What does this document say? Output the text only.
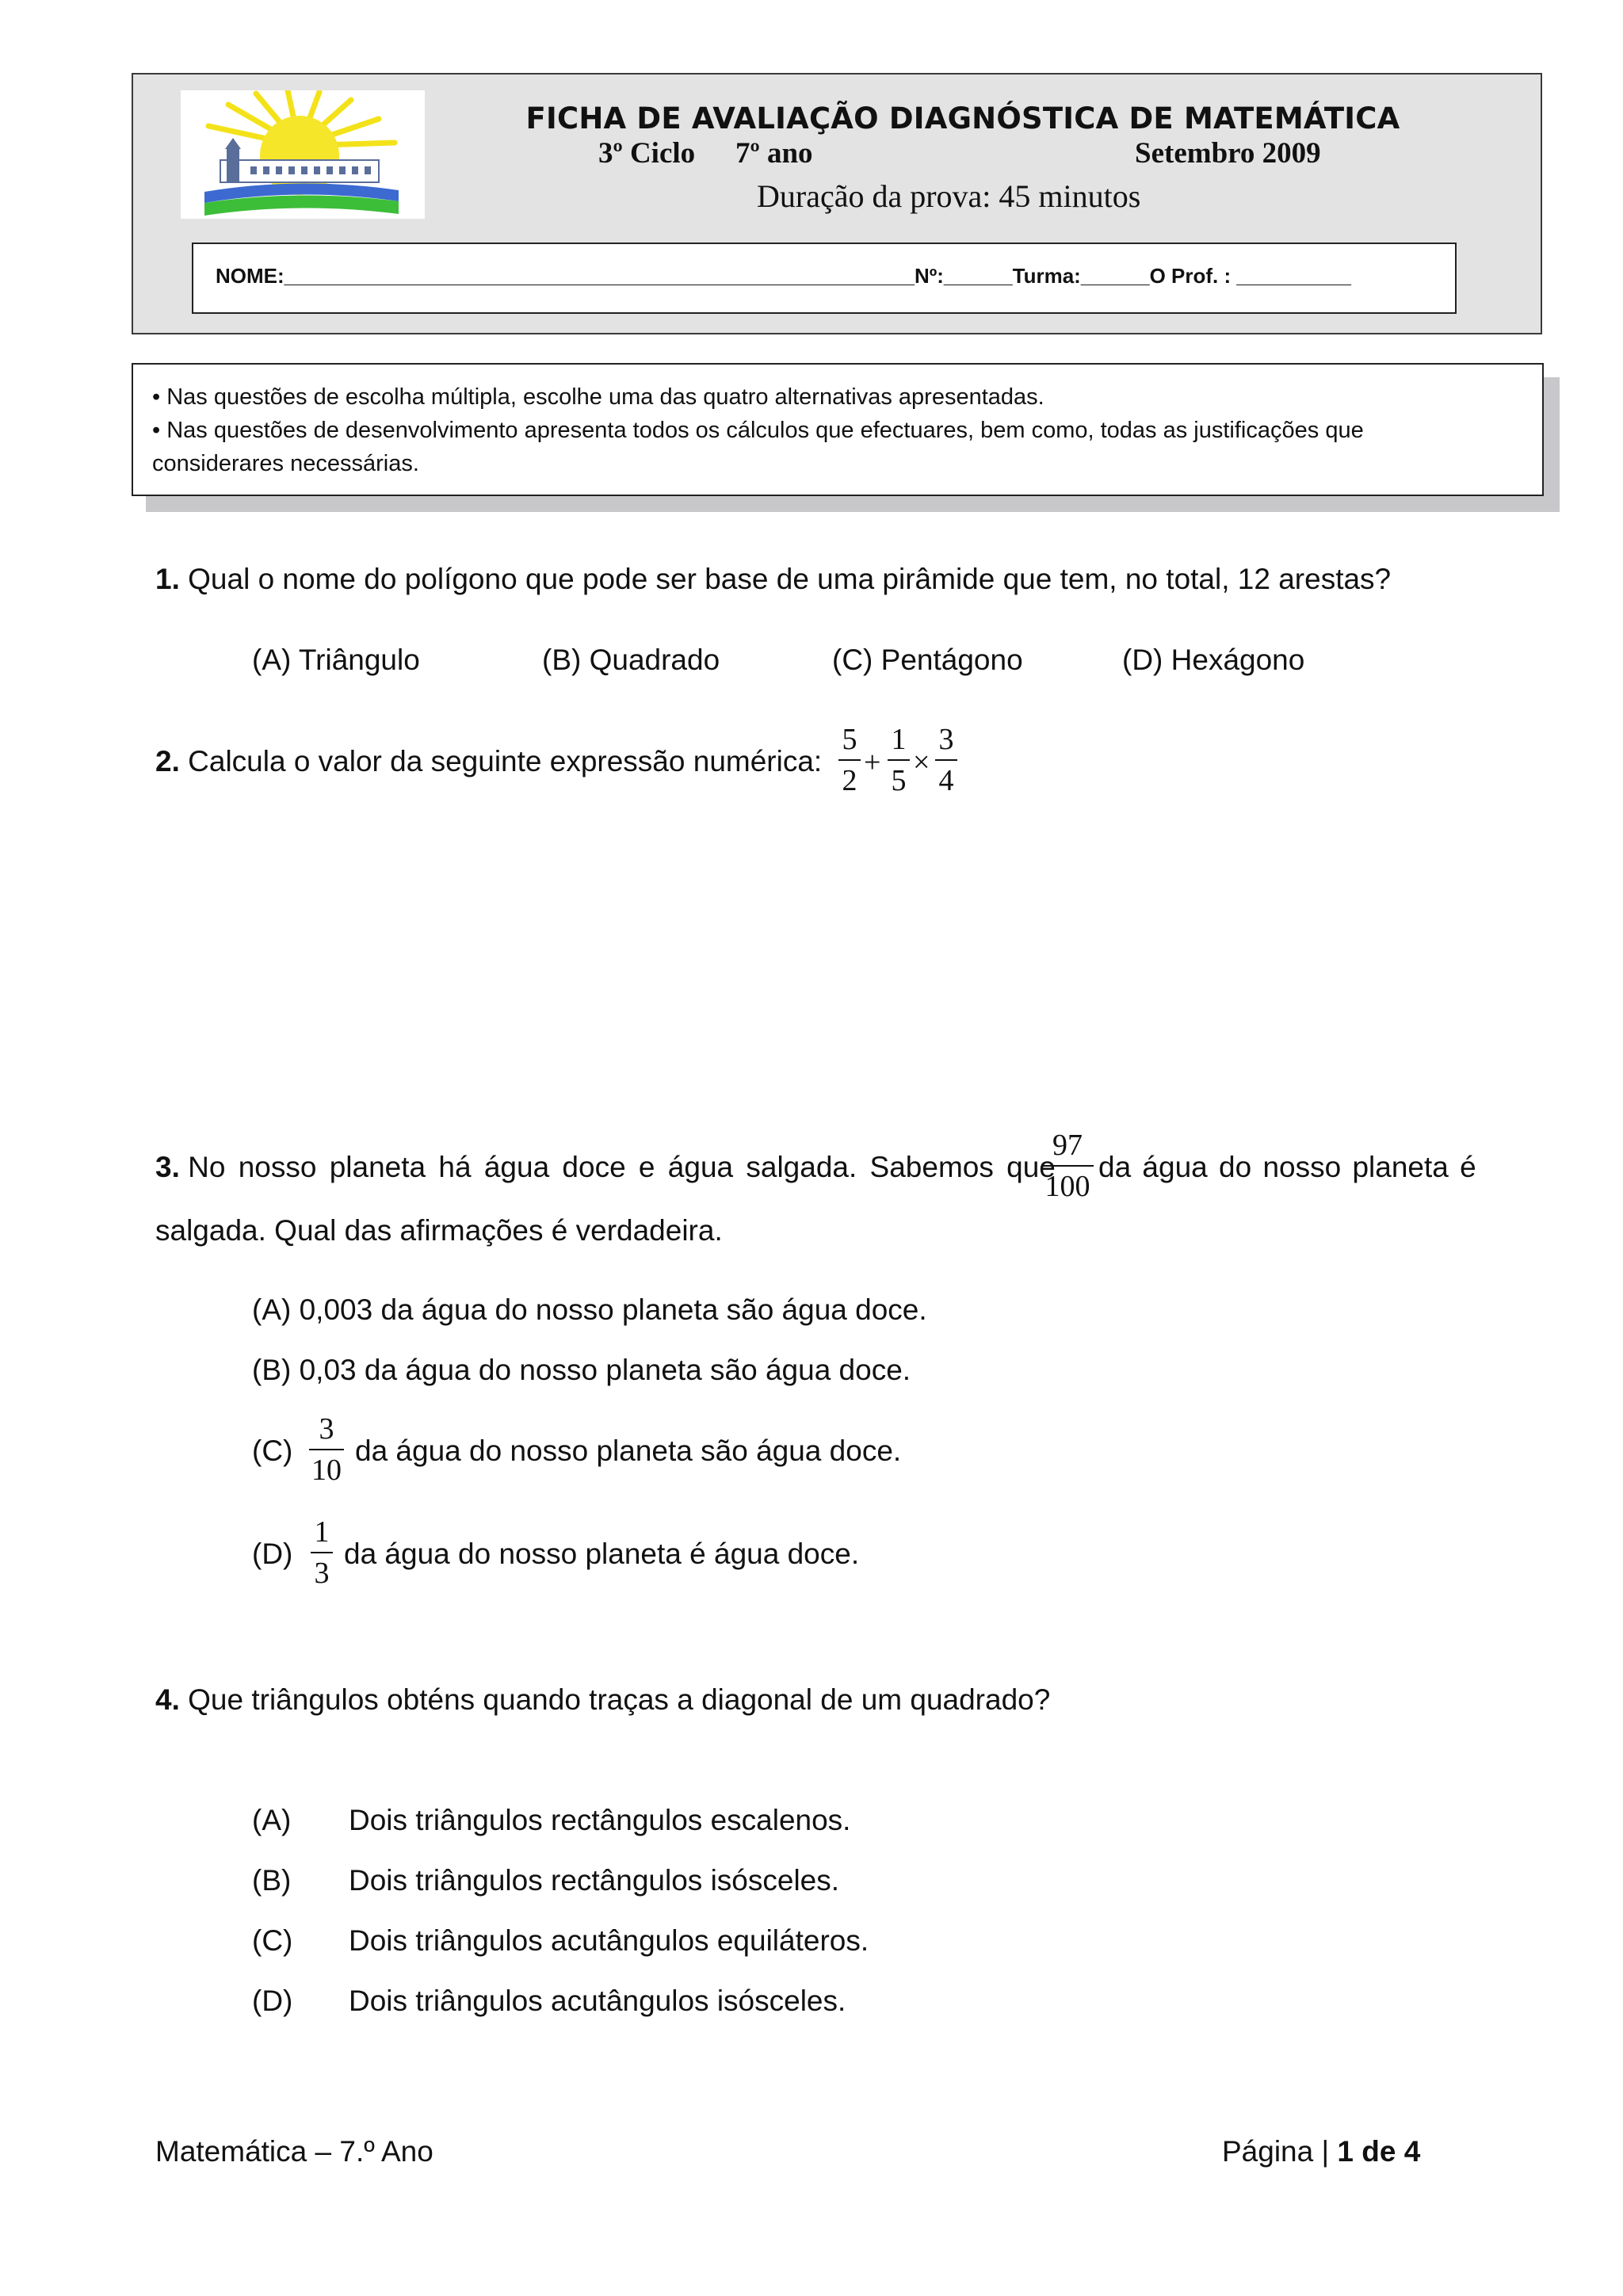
FICHA DE AVALIAÇÃO DIAGNÓSTICA DE MATEMÁTICA
3º Ciclo 7º ano	Setembro 2009
Duração da prova: 45 minutos
NOME:_______________________________________________________Nº:______Turma:______O Prof. : __________
• Nas questões de escolha múltipla, escolhe uma das quatro alternativas apresentadas.
• Nas questões de desenvolvimento apresenta todos os cálculos que efectuares, bem como, todas as justificações que
considerares necessárias.
1. Qual o nome do polígono que pode ser base de uma pirâmide que tem, no total, 12 arestas?
(A) Triângulo	(B) Quadrado	(C) Pentágono	(D) Hexágono
2. Calcula o valor da seguinte expressão numérica: $\frac{5}{2} + \frac{1}{5} \times \frac{3}{4}$
3. No nosso planeta há água doce e água salgada. Sabemos que
$\frac{97}{100}$ da água do nosso planeta é
salgada. Qual das afirmações é verdadeira.
(A) 0,003 da água do nosso planeta são água doce.
(B) 0,03 da água do nosso planeta são água doce.
$(C) \frac{3}{10}$ da água do nosso planeta são água doce.
$(D) \frac{1}{3}$ da água do nosso planeta é água doce.
4. Que triângulos obténs quando traças a diagonal de um quadrado?
(A) Dois triângulos rectângulos escalenos.
(B) Dois triângulos rectângulos isósceles.
(C) Dois triângulos acutângulos equiláteros.
(D) Dois triângulos acutângulos isósceles.
Matemática – 7.º Ano	Página | 1 de 4
